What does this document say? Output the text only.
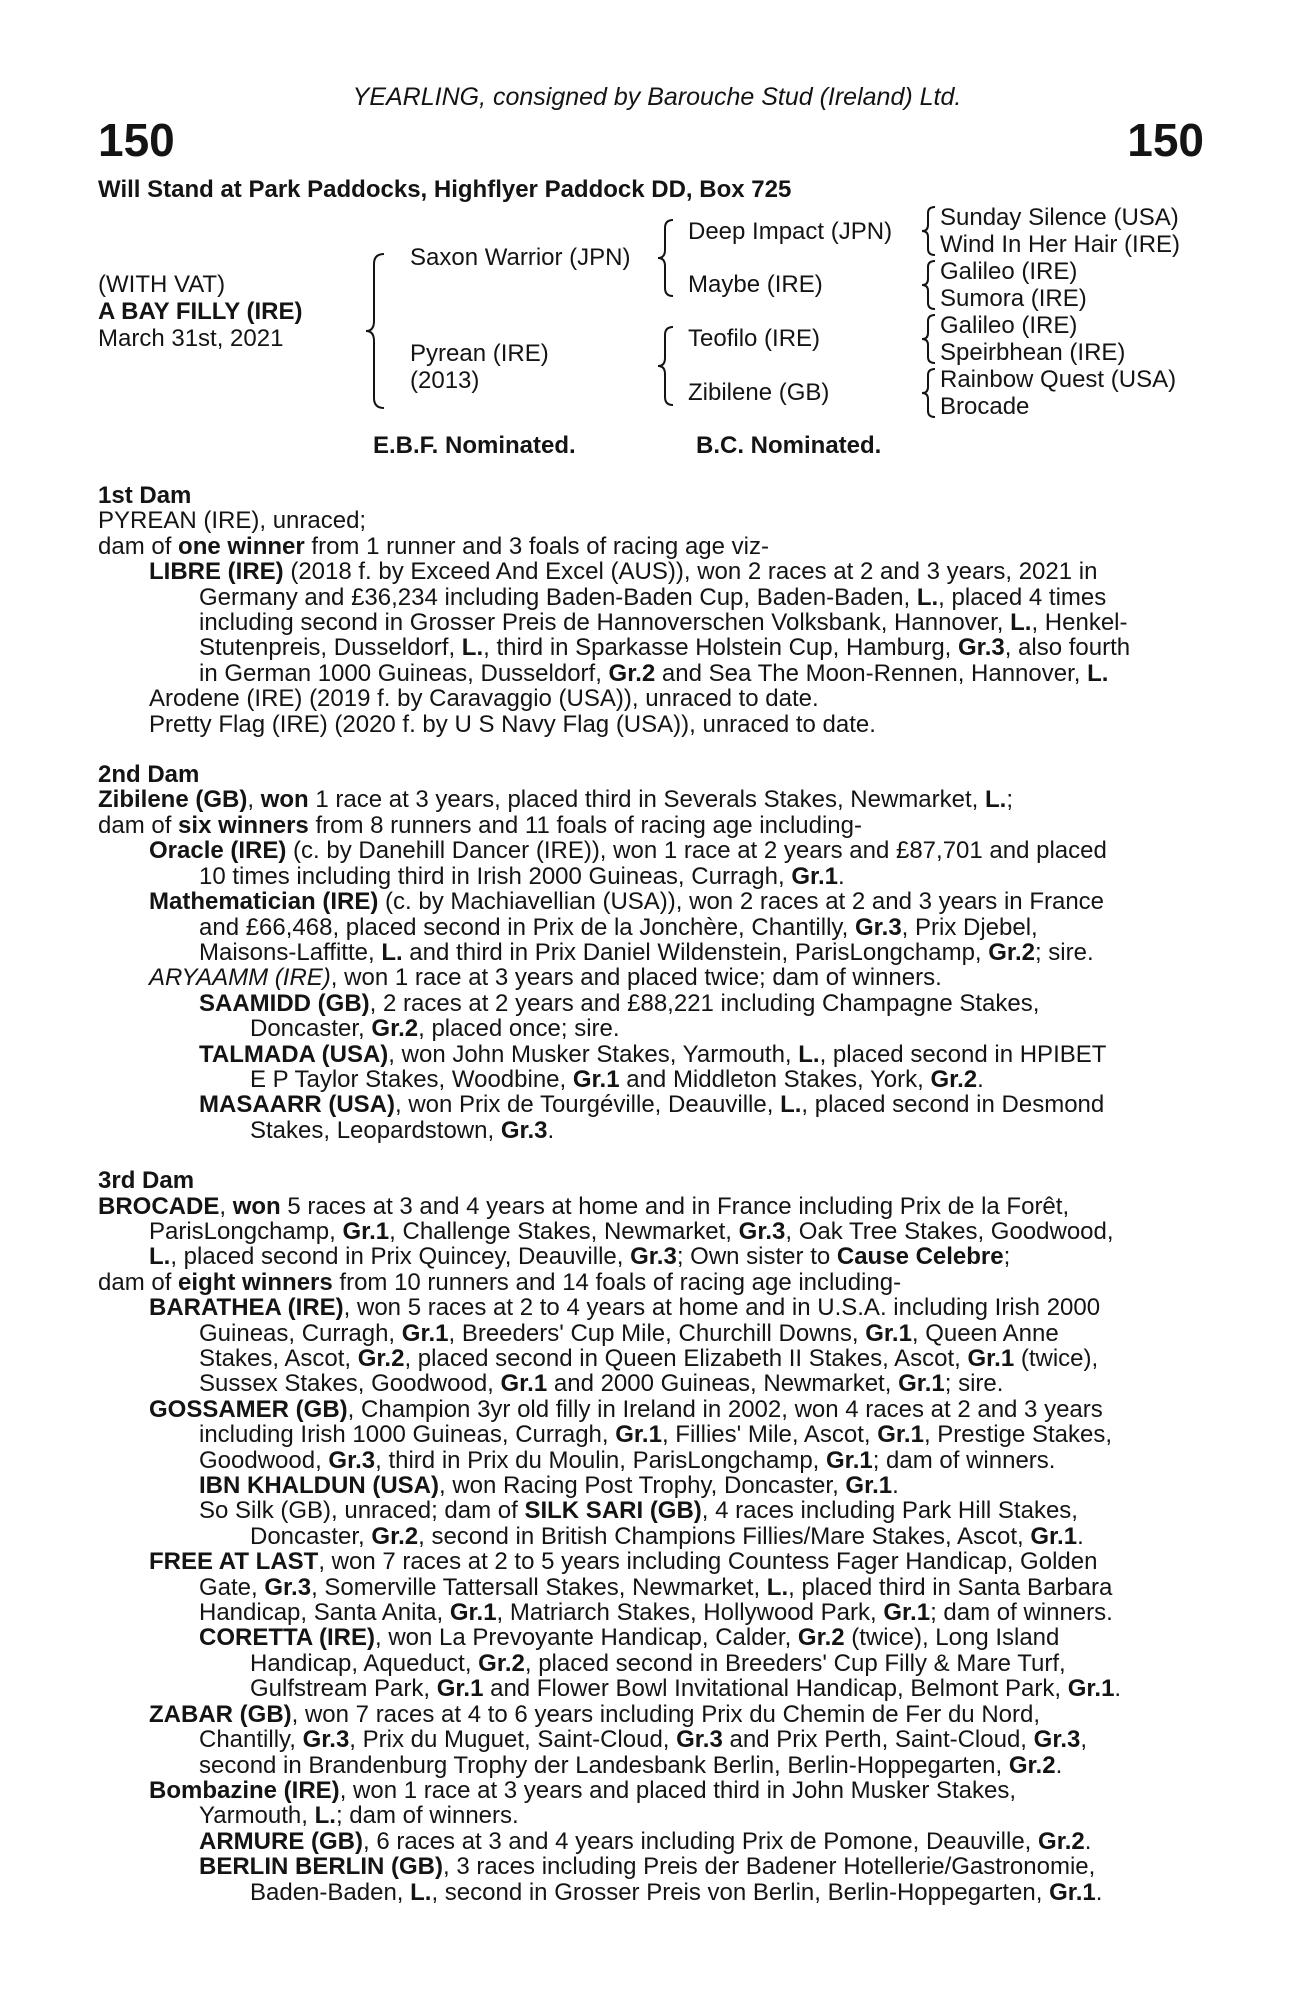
YEARLING, consigned by Barouche Stud (Ireland) Ltd.
150	150
Will Stand at Park Paddocks, Highflyer Paddock DD, Box 725
(WITH VAT)
A BAY FILLY (IRE)
March 31st, 2021
Saxon Warrior (JPN)
Pyrean (IRE)
(2013)
Deep Impact (JPN)
Maybe (IRE)
Teofilo (IRE)
Zibilene (GB)
Sunday Silence (USA)
Wind In Her Hair (IRE)
Galileo (IRE)
Sumora (IRE)
Galileo (IRE)
Speirbhean (IRE)
Rainbow Quest (USA)
Brocade
E.B.F. Nominated.	B.C. Nominated.
1st Dam
PYREAN (IRE), unraced;
dam of one winner from 1 runner and 3 foals of racing age viz-
LIBRE (IRE) (2018 f. by Exceed And Excel (AUS)), won 2 races at 2 and 3 years, 2021 in
Germany and £36,234 including Baden-Baden Cup, Baden-Baden, L., placed 4 times
including second in Grosser Preis de Hannoverschen Volksbank, Hannover, L., Henkel-
Stutenpreis, Dusseldorf, L., third in Sparkasse Holstein Cup, Hamburg, Gr.3, also fourth
in German 1000 Guineas, Dusseldorf, Gr.2 and Sea The Moon-Rennen, Hannover, L.
Arodene (IRE) (2019 f. by Caravaggio (USA)), unraced to date.
Pretty Flag (IRE) (2020 f. by U S Navy Flag (USA)), unraced to date.
2nd Dam
Zibilene (GB), won 1 race at 3 years, placed third in Severals Stakes, Newmarket, L.;
dam of six winners from 8 runners and 11 foals of racing age including-
Oracle (IRE) (c. by Danehill Dancer (IRE)), won 1 race at 2 years and £87,701 and placed
10 times including third in Irish 2000 Guineas, Curragh, Gr.1.
Mathematician (IRE) (c. by Machiavellian (USA)), won 2 races at 2 and 3 years in France
and £66,468, placed second in Prix de la Jonchère, Chantilly, Gr.3, Prix Djebel,
Maisons-Laffitte, L. and third in Prix Daniel Wildenstein, ParisLongchamp, Gr.2; sire.
ARYAAMM (IRE), won 1 race at 3 years and placed twice; dam of winners.
SAAMIDD (GB), 2 races at 2 years and £88,221 including Champagne Stakes,
Doncaster, Gr.2, placed once; sire.
TALMADA (USA), won John Musker Stakes, Yarmouth, L., placed second in HPIBET
E P Taylor Stakes, Woodbine, Gr.1 and Middleton Stakes, York, Gr.2.
MASAARR (USA), won Prix de Tourgéville, Deauville, L., placed second in Desmond
Stakes, Leopardstown, Gr.3.
3rd Dam
BROCADE, won 5 races at 3 and 4 years at home and in France including Prix de la Forêt,
ParisLongchamp, Gr.1, Challenge Stakes, Newmarket, Gr.3, Oak Tree Stakes, Goodwood,
L., placed second in Prix Quincey, Deauville, Gr.3; Own sister to Cause Celebre;
dam of eight winners from 10 runners and 14 foals of racing age including-
BARATHEA (IRE), won 5 races at 2 to 4 years at home and in U.S.A. including Irish 2000
Guineas, Curragh, Gr.1, Breeders' Cup Mile, Churchill Downs, Gr.1, Queen Anne
Stakes, Ascot, Gr.2, placed second in Queen Elizabeth II Stakes, Ascot, Gr.1 (twice),
Sussex Stakes, Goodwood, Gr.1 and 2000 Guineas, Newmarket, Gr.1; sire.
GOSSAMER (GB), Champion 3yr old filly in Ireland in 2002, won 4 races at 2 and 3 years
including Irish 1000 Guineas, Curragh, Gr.1, Fillies' Mile, Ascot, Gr.1, Prestige Stakes,
Goodwood, Gr.3, third in Prix du Moulin, ParisLongchamp, Gr.1; dam of winners.
IBN KHALDUN (USA), won Racing Post Trophy, Doncaster, Gr.1.
So Silk (GB), unraced; dam of SILK SARI (GB), 4 races including Park Hill Stakes,
Doncaster, Gr.2, second in British Champions Fillies/Mare Stakes, Ascot, Gr.1.
FREE AT LAST, won 7 races at 2 to 5 years including Countess Fager Handicap, Golden
Gate, Gr.3, Somerville Tattersall Stakes, Newmarket, L., placed third in Santa Barbara
Handicap, Santa Anita, Gr.1, Matriarch Stakes, Hollywood Park, Gr.1; dam of winners.
CORETTA (IRE), won La Prevoyante Handicap, Calder, Gr.2 (twice), Long Island
Handicap, Aqueduct, Gr.2, placed second in Breeders' Cup Filly & Mare Turf,
Gulfstream Park, Gr.1 and Flower Bowl Invitational Handicap, Belmont Park, Gr.1.
ZABAR (GB), won 7 races at 4 to 6 years including Prix du Chemin de Fer du Nord,
Chantilly, Gr.3, Prix du Muguet, Saint-Cloud, Gr.3 and Prix Perth, Saint-Cloud, Gr.3,
second in Brandenburg Trophy der Landesbank Berlin, Berlin-Hoppegarten, Gr.2.
Bombazine (IRE), won 1 race at 3 years and placed third in John Musker Stakes,
Yarmouth, L.; dam of winners.
ARMURE (GB), 6 races at 3 and 4 years including Prix de Pomone, Deauville, Gr.2.
BERLIN BERLIN (GB), 3 races including Preis der Badener Hotellerie/Gastronomie,
Baden-Baden, L., second in Grosser Preis von Berlin, Berlin-Hoppegarten, Gr.1.
